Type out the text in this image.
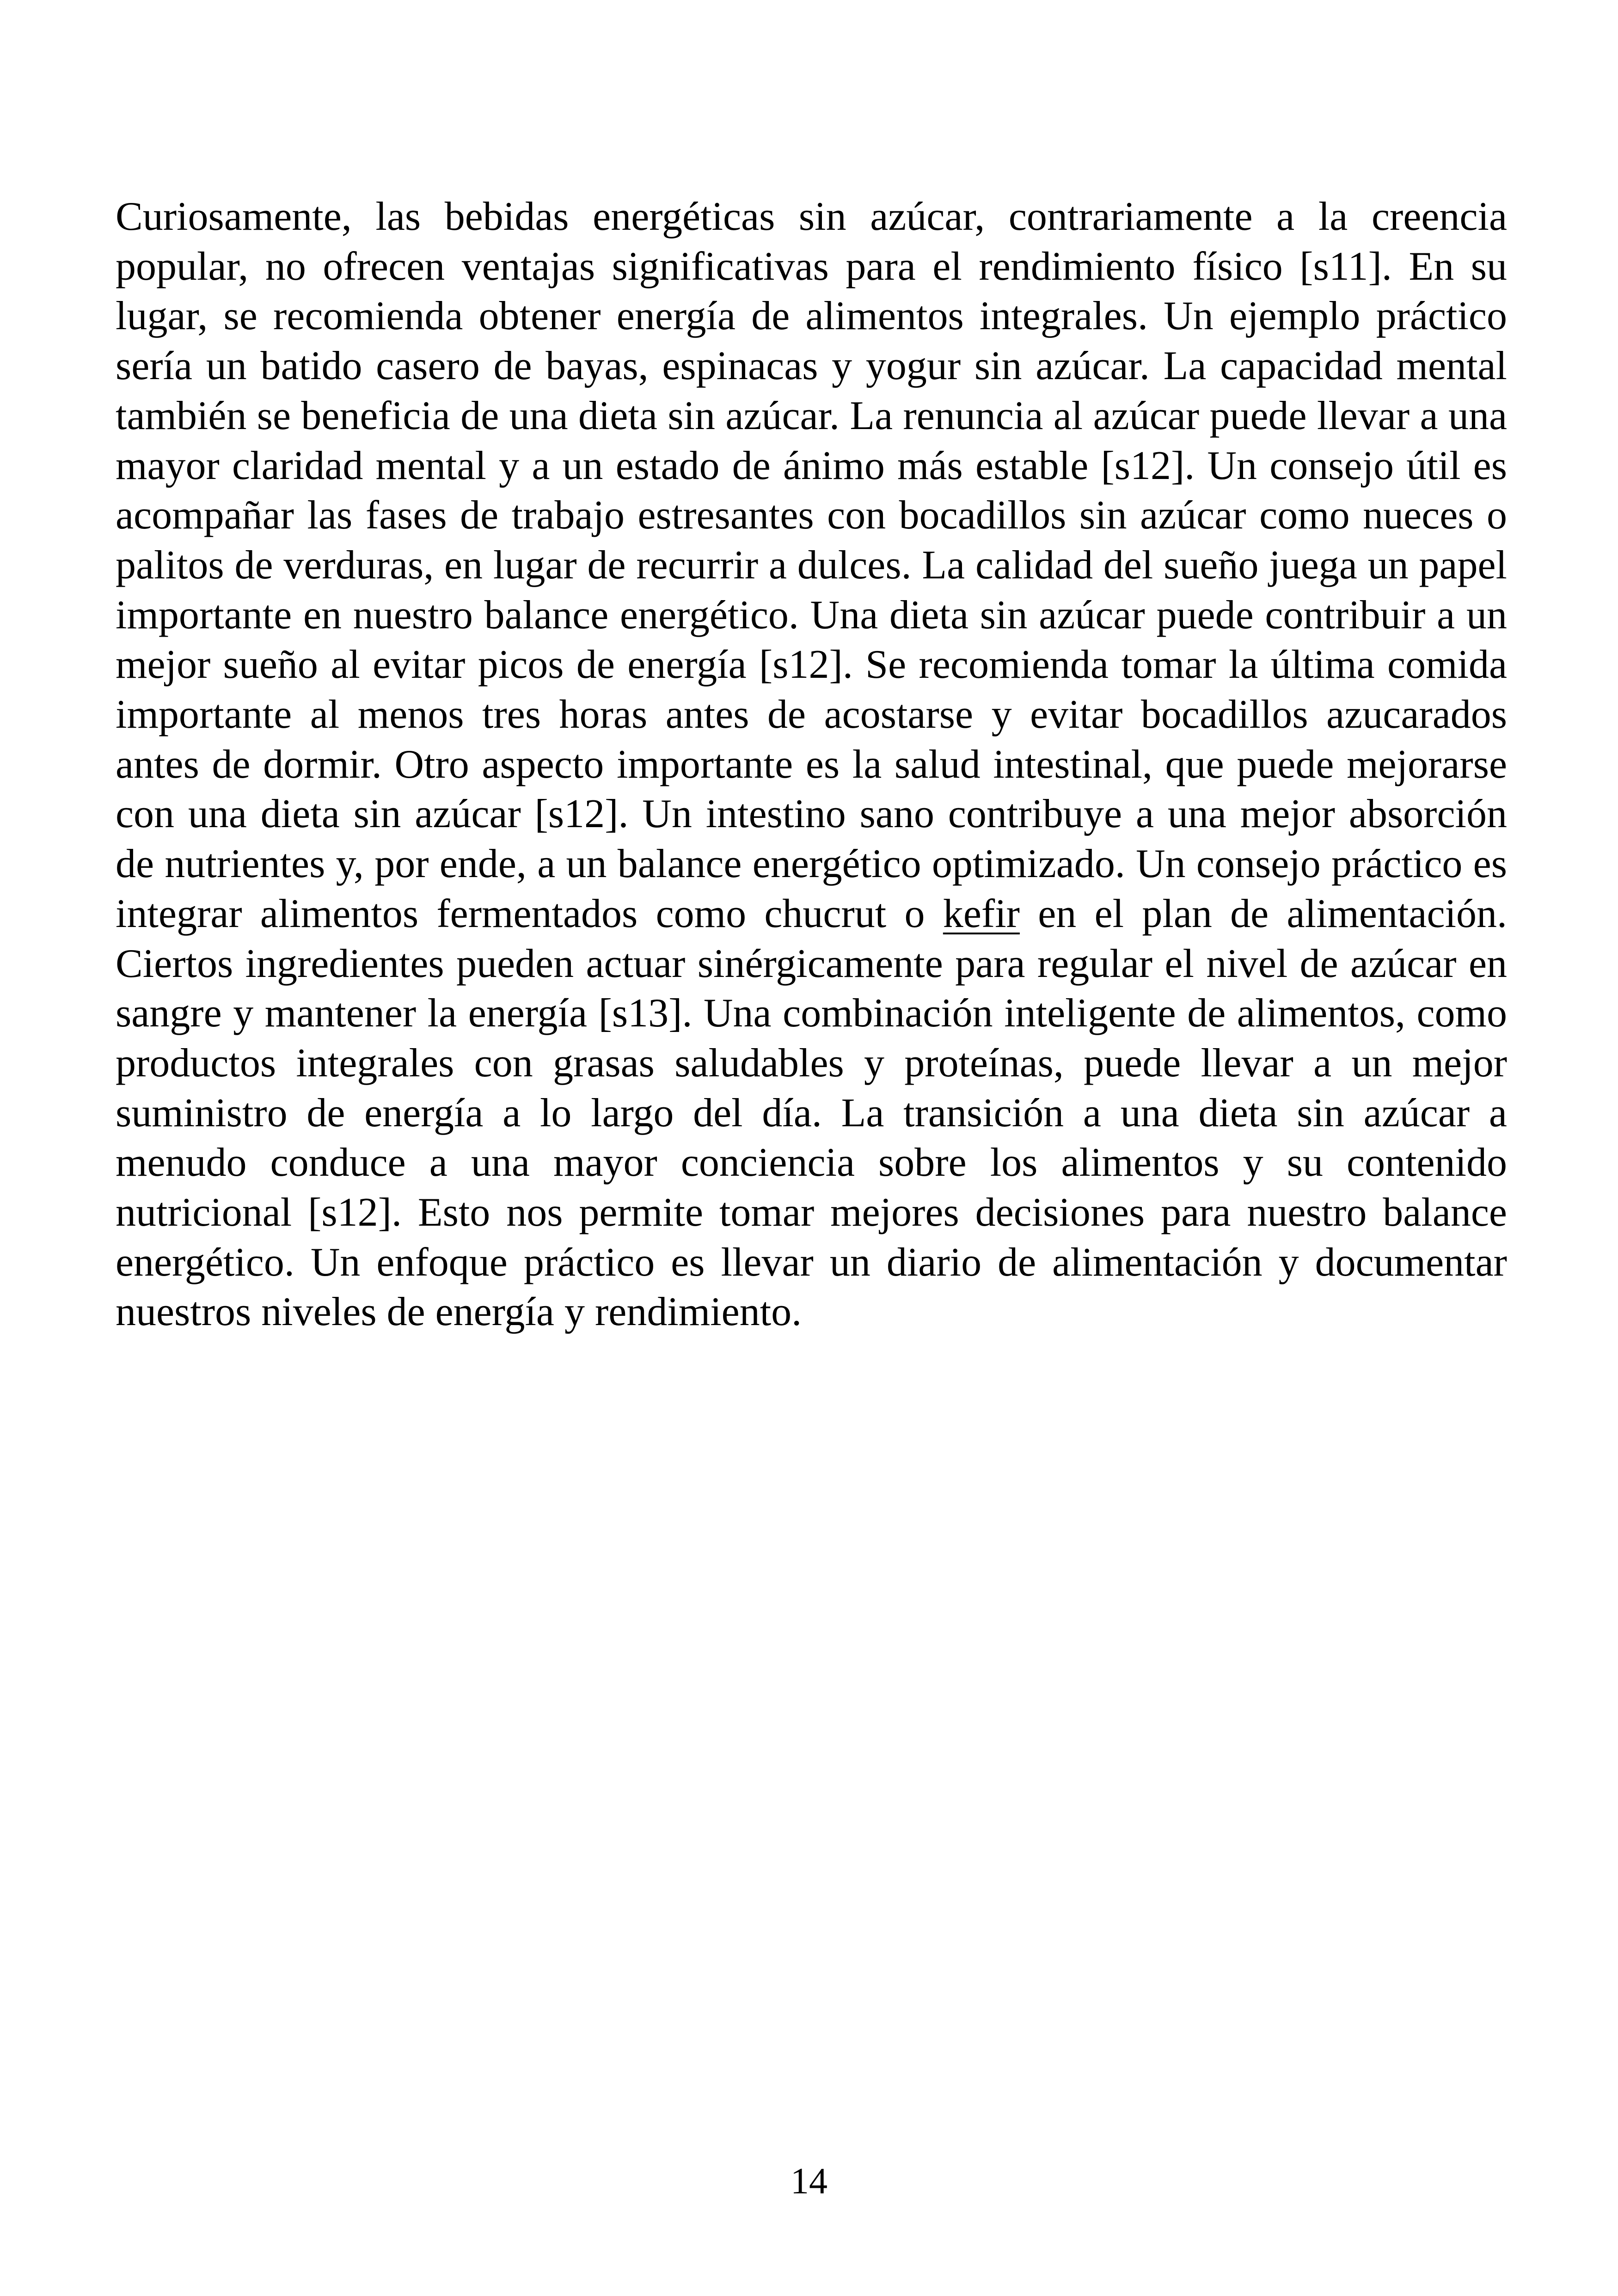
Curiosamente, las bebidas energéticas sin azúcar, contrariamente a la creencia popular, no ofrecen ventajas significativas para el rendimiento físico [s11]. En su lugar, se recomienda obtener energía de alimentos integrales. Un ejemplo práctico sería un batido casero de bayas, espinacas y yogur sin azúcar. La capacidad mental también se beneficia de una dieta sin azúcar. La renuncia al azúcar puede llevar a una mayor claridad mental y a un estado de ánimo más estable [s12]. Un consejo útil es acompañar las fases de trabajo estresantes con bocadillos sin azúcar como nueces o palitos de verduras, en lugar de recurrir a dulces. La calidad del sueño juega un papel importante en nuestro balance energético. Una dieta sin azúcar puede contribuir a un mejor sueño al evitar picos de energía [s12]. Se recomienda tomar la última comida importante al menos tres horas antes de acostarse y evitar bocadillos azucarados antes de dormir. Otro aspecto importante es la salud intestinal, que puede mejorarse con una dieta sin azúcar [s12]. Un intestino sano contribuye a una mejor absorción de nutrientes y, por ende, a un balance energético optimizado. Un consejo práctico es integrar alimentos fermentados como chucrut o kefir en el plan de alimentación. Ciertos ingredientes pueden actuar sinérgicamente para regular el nivel de azúcar en sangre y mantener la energía [s13]. Una combinación inteligente de alimentos, como productos integrales con grasas saludables y proteínas, puede llevar a un mejor suministro de energía a lo largo del día. La transición a una dieta sin azúcar a menudo conduce a una mayor conciencia sobre los alimentos y su contenido nutricional [s12]. Esto nos permite tomar mejores decisiones para nuestro balance energético. Un enfoque práctico es llevar un diario de alimentación y documentar nuestros niveles de energía y rendimiento.

14
